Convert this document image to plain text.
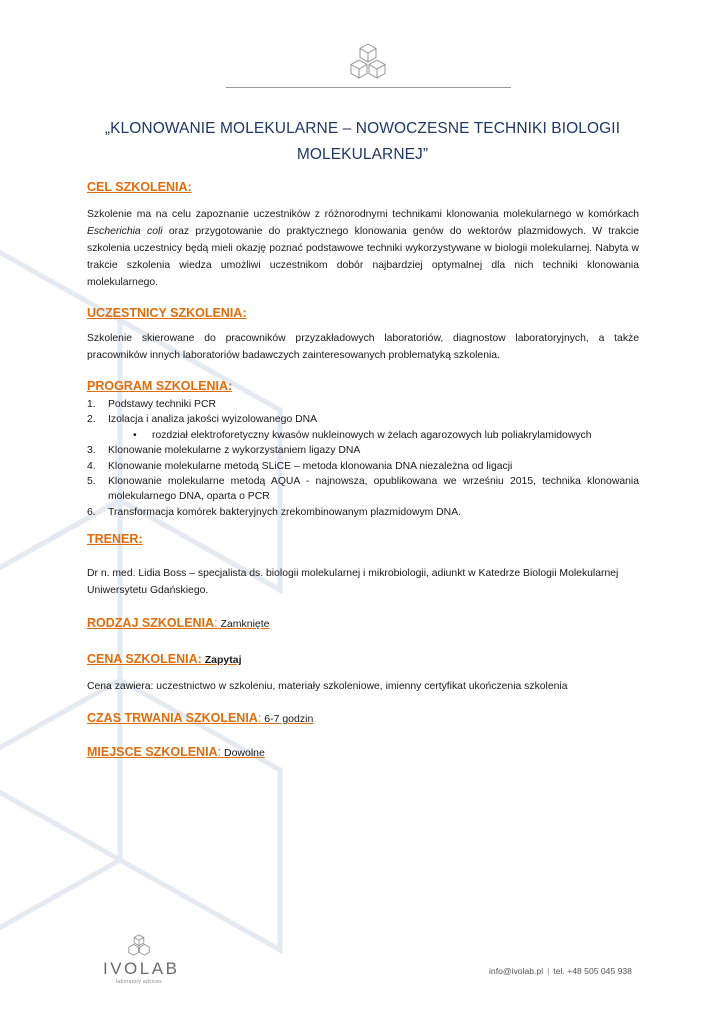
„KLONOWANIE MOLEKULARNE – NOWOCZESNE TECHNIKI BIOLOGII MOLEKULARNEJ”
CEL SZKOLENIA:
Szkolenie ma na celu zapoznanie uczestników z różnorodnymi technikami klonowania molekularnego w komórkach Escherichia coli oraz przygotowanie do praktycznego klonowania genów do wektorów plazmidowych. W trakcie szkolenia uczestnicy będą mieli okazję poznać podstawowe techniki wykorzystywane w biologii molekularnej. Nabyta w trakcie szkolenia wiedza umożliwi uczestnikom dobór najbardziej optymalnej dla nich techniki klonowania molekularnego.
UCZESTNICY SZKOLENIA:
Szkolenie skierowane do pracowników przyzakładowych laboratoriów, diagnostow laboratoryjnych, a także pracowników innych laboratoriów badawczych zainteresowanych problematyką szkolenia.
PROGRAM SZKOLENIA:
1. Podstawy techniki PCR
2. Izolacja i analiza jakości wyizolowanego DNA
• rozdział elektroforetyczny kwasów nukleinowych w żelach agarozowych lub poliakrylamidowych
3. Klonowanie molekularne z wykorzystaniem ligazy DNA
4. Klonowanie molekularne metodą SLiCE – metoda klonowania DNA niezależna od ligacji
5. Klonowanie molekularne metodą AQUA - najnowsza, opublikowana we wrześniu 2015, technika klonowania molekularnego DNA, oparta o PCR
6. Transformacja komórek bakteryjnych zrekombinowanym plazmidowym DNA.
TRENER:
Dr n. med. Lidia Boss – specjalista ds. biologii molekularnej i mikrobiologii, adiunkt w Katedrze Biologii Molekularnej Uniwersytetu Gdańskiego.
RODZAJ SZKOLENIA: Zamknięte
CENA SZKOLENIA: Zapytaj
Cena zawiera: uczestnictwo w szkoleniu, materiały szkoleniowe, imienny certyfikat ukończenia szkolenia
CZAS TRWANIA SZKOLENIA: 6-7 godzin
MIEJSCE SZKOLENIA: Dowolne
IVOLAB
laboratory advices
info@ivolab.pl | tel. +48 505 045 938
